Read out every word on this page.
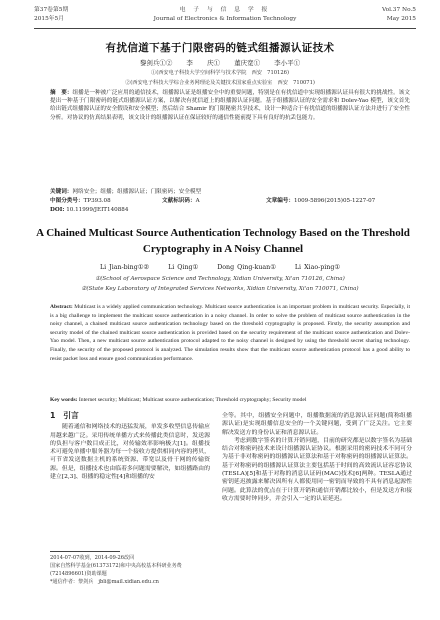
第37卷第5期
2015年5月
电 子 与 信 息 学 报
Journal of Electronics & Information Technology
Vol.37 No.5
May 2015
有扰信道下基于门限密码的链式组播源认证技术
黎剑兵①② 李 庆① 董庆宽① 李小平①
①(西安电子科技大学空间科学与技术学院　西安　710126)
②(西安电子科技大学综合业务网理论及关键技术国家重点实验室　西安　710071)
摘　要：组播是一种被广泛应用的通信技术，组播源认证是组播安全中的重要问题，特别是在有扰信道中实现组播源认证具有很大的挑战性。该文提出一种基于门限密码的链式组播源认证方案，以解决有扰信道上的组播源认证问题。基于组播源认证的安全需求和 Dolev-Yao 模型，该文首先给出链式组播源认证的安全假设和安全模型；然后结合 Shamir 的门限秘密共享技术，设计一种适合于有扰信道的组播源认证方法并进行了安全性分析。对协议的仿真结果表明，该文设计的组播源认证在保证较好的通信性能前提下具有良好的抗丢包能力。
关键词：网络安全；组播；组播源认证；门限密码；安全模型
中图分类号：TP393.08	文献标识码：A	文章编号：1009-5896(2015)05-1227-07
DOI: 10.11999/JEIT140884
A Chained Multicast Source Authentication Technology Based on the Threshold Cryptography in A Noisy Channel
Li Jian-bing①②	Li Qing①	Dong Qing-kuan①	Li Xiao-ping①
①(School of Aerospace Science and Technology, Xidian University, Xi'an 710126, China)
②(State Key Laboratory of Integrated Services Networks, Xidian University, Xi'an 710071, China)
Abstract: Multicast is a widely applied communication technology. Multicast source authentication is an important problem in multicast security. Especially, it is a big challenge to implement the multicast source authentication in a noisy channel. In order to solve the problem of multicast source authentication in the noisy channel, a chained multicast source authentication technology based on the threshold cryptography is proposed. Firstly, the security assumption and security model of the chained multicast source authentication is provided based on the security requirement of the multicast source authentication and Dolev-Yao model. Then, a new multicast source authentication protocol adapted to the noisy channel is designed by using the threshold secret sharing technology. Finally, the security of the proposed protocol is analyzed. The simulation results show that the multicast source authentication protocol has a good ability to resist packet loss and ensure good communication performance.
Key words: Internet security; Multicast; Multicast source authentication; Threshold cryptography; Security model
1　引言

随着通信和网络技术的迅猛发展，单发多收型信息传输应用越来越广泛。采用传统单播方式来传播此类信息时，发送源的负担与客户数目成正比，对传输效率影响极大[1]。组播技术可避免单播中服务器为每一个接收方提供相同内容的拷贝，可节省发送数据主机的系统资源、带宽以及骨干网的传输资源。但是，组播技术也由临着多问题需要解决，如组播路由的建立[2,3]、组播的稳定性[4]和组播的安

全等。其中，组播安全问题中，组播数据流的消息源认证问题(简称组播源认证)是实现组播信息安全的一个关键问题，受到了广泛关注。它主要解决发送方的身份认证和消息源认证。

考虑到数字签名的计算开销问题，目前的研究都是以数字签名为基础结合对称密码技术来设计组播源认证协议。根据采用的密码技术不同可分为基于非对称密码的组播源认证算法和基于对称密码的组播源认证算法。基于对称密码的组播源认证算法主要包括基于时间的高效流认证容忍协议(TESLA)[5]和基于对称的消息认证码(MAC)技术[6]两种。TESLA通过密钥延迟披露来解决因所有人都使用同一密钥而导致的不具有消息起源性问题。此算法的优点在于计算开销和通信开销都比较小，但是发送方和接收方需要时钟同步，并会引入一定的认证延迟。

2014-07-07收到，2014-09-26改回
国家自然科学基金(61373172)和中央高校基本科研业务费
(7214896601)资助课题
*通信作者：黎剑兵　jbli@mail.xidian.edu.cn
